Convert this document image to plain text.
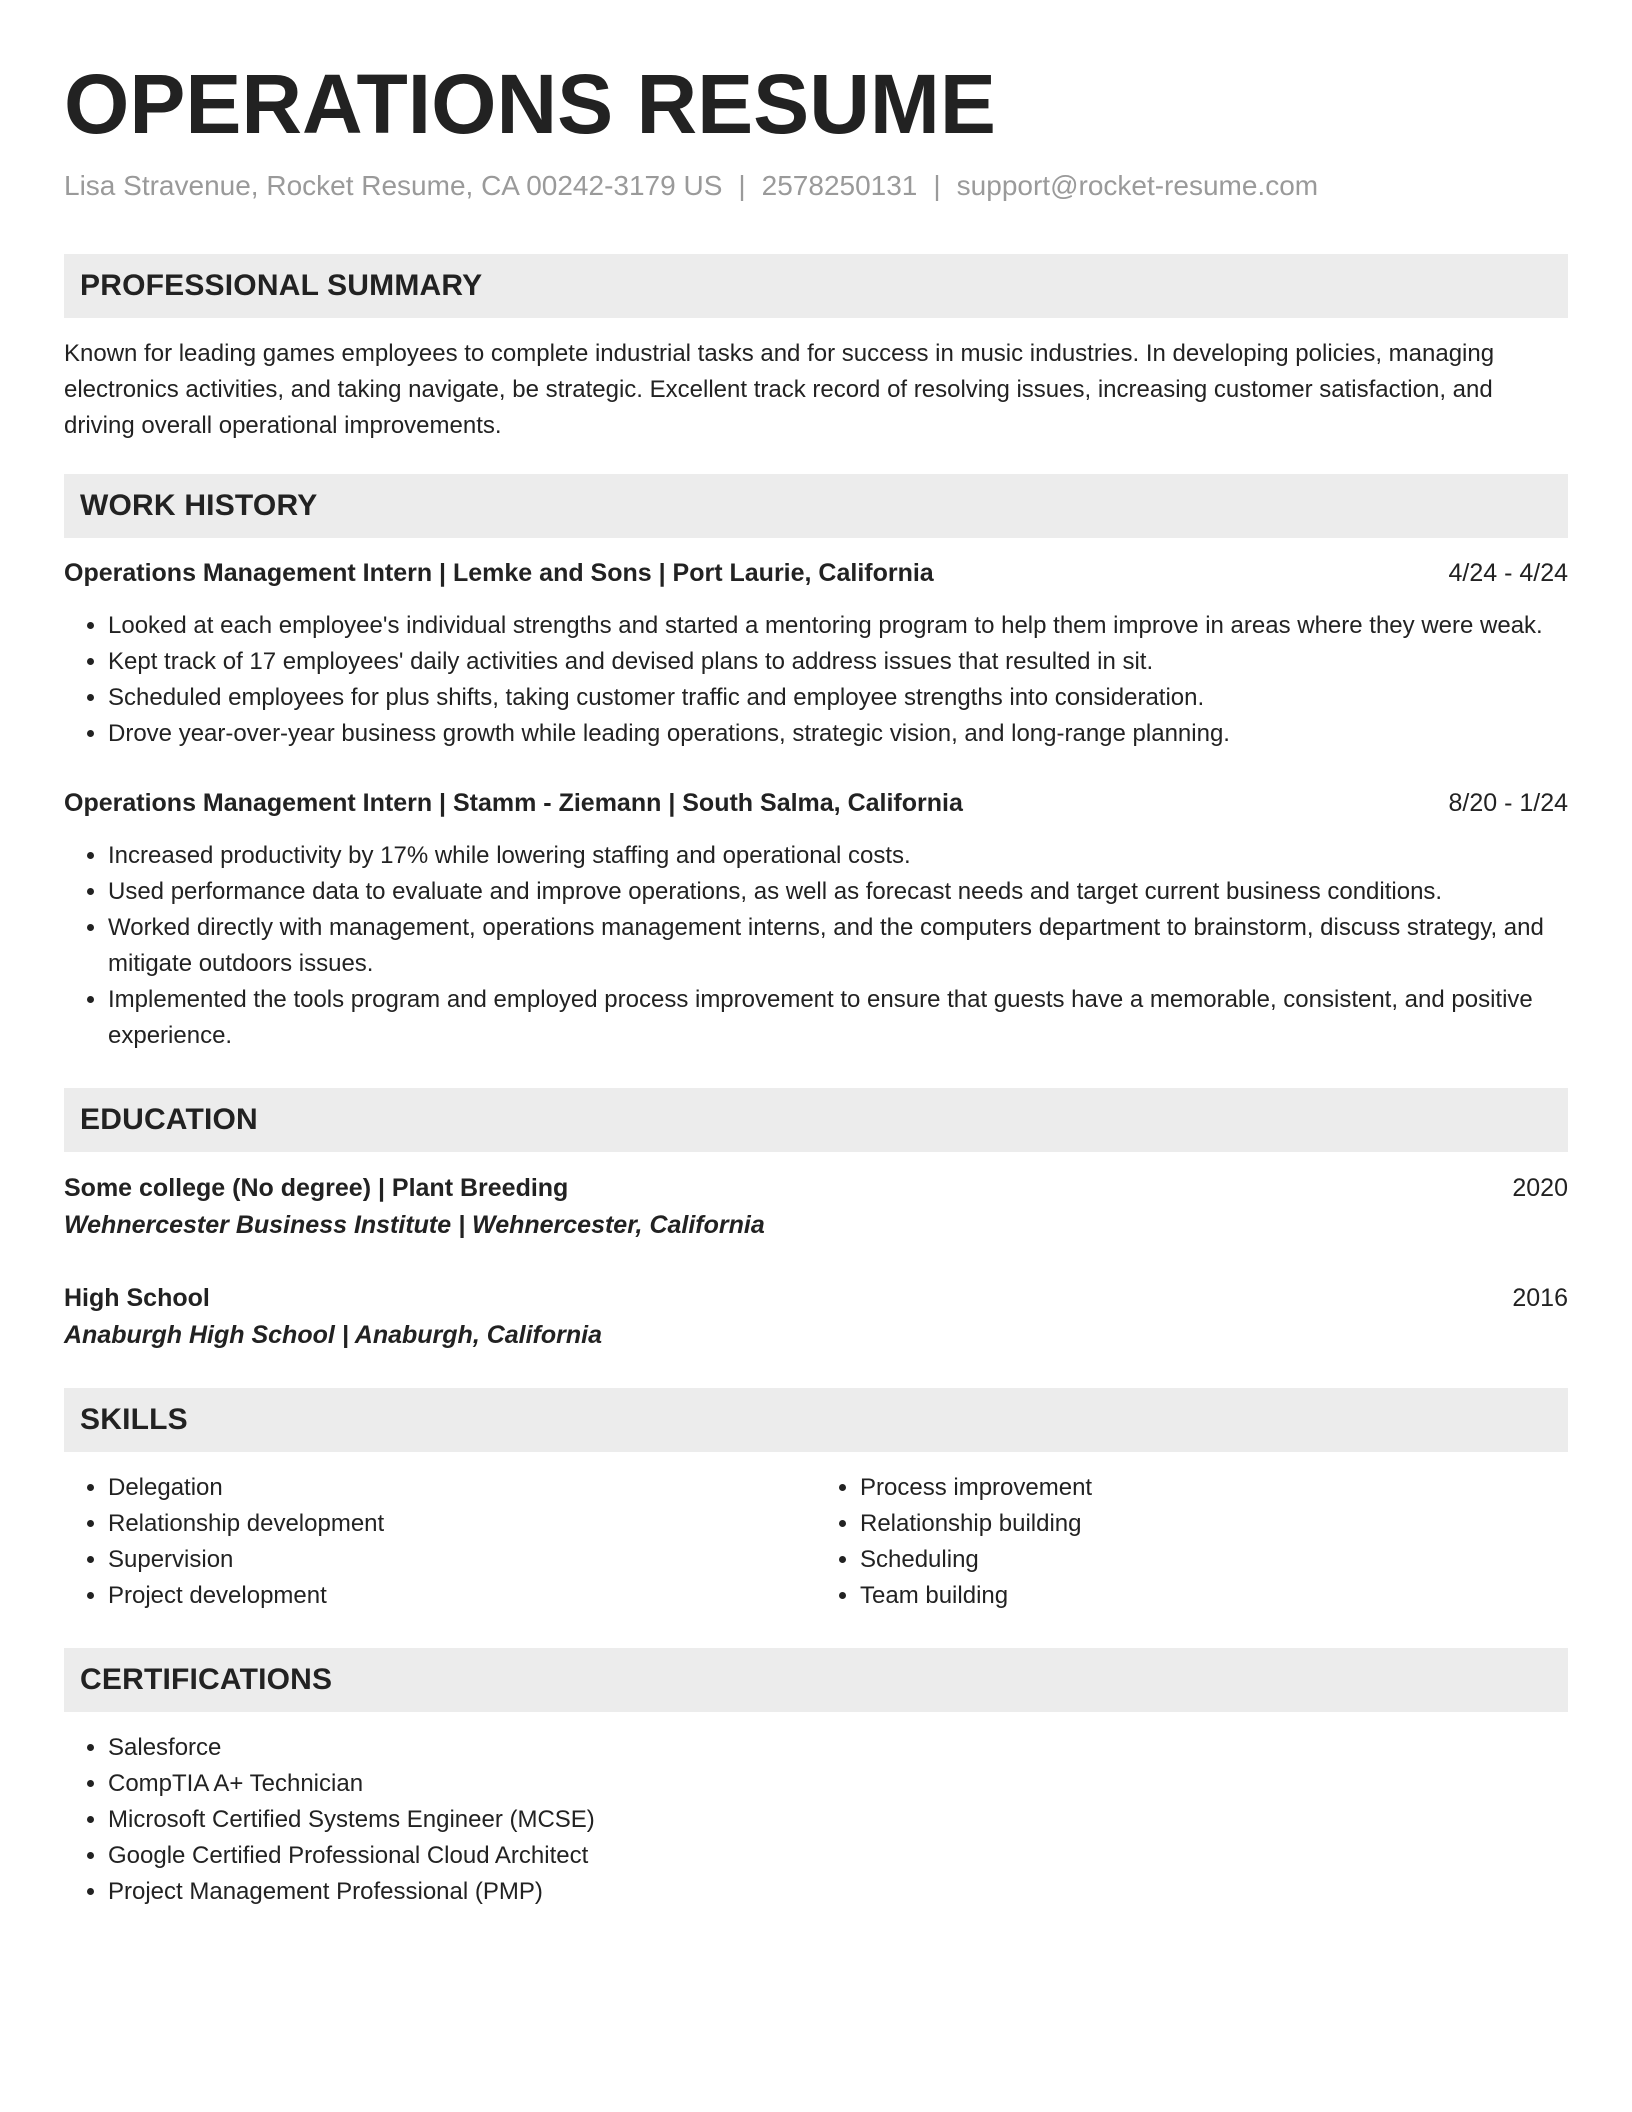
OPERATIONS RESUME
Lisa Stravenue, Rocket Resume, CA 00242-3179 US | 2578250131 | support@rocket-resume.com
PROFESSIONAL SUMMARY

Known for leading games employees to complete industrial tasks and for success in music industries. In developing policies, managing electronics activities, and taking navigate, be strategic. Excellent track record of resolving issues, increasing customer satisfaction, and driving overall operational improvements.

WORK HISTORY
Operations Management Intern | Lemke and Sons | Port Laurie, California	4/24 - 4/24
• Looked at each employee's individual strengths and started a mentoring program to help them improve in areas where they were weak.
• Kept track of 17 employees' daily activities and devised plans to address issues that resulted in sit.
• Scheduled employees for plus shifts, taking customer traffic and employee strengths into consideration.
• Drove year-over-year business growth while leading operations, strategic vision, and long-range planning.
Operations Management Intern | Stamm - Ziemann | South Salma, California	8/20 - 1/24
• Increased productivity by 17% while lowering staffing and operational costs.
• Used performance data to evaluate and improve operations, as well as forecast needs and target current business conditions.
• Worked directly with management, operations management interns, and the computers department to brainstorm, discuss strategy, and mitigate outdoors issues.
• Implemented the tools program and employed process improvement to ensure that guests have a memorable, consistent, and positive experience.
EDUCATION
Some college (No degree) | Plant Breeding	2020
Wehnercester Business Institute | Wehnercester, California
High School	2016
Anaburgh High School | Anaburgh, California
SKILLS
• Delegation
• Relationship development
• Supervision
• Project development
• Process improvement
• Relationship building
• Scheduling
• Team building
CERTIFICATIONS
• Salesforce
• CompTIA A+ Technician
• Microsoft Certified Systems Engineer (MCSE)
• Google Certified Professional Cloud Architect
• Project Management Professional (PMP)
